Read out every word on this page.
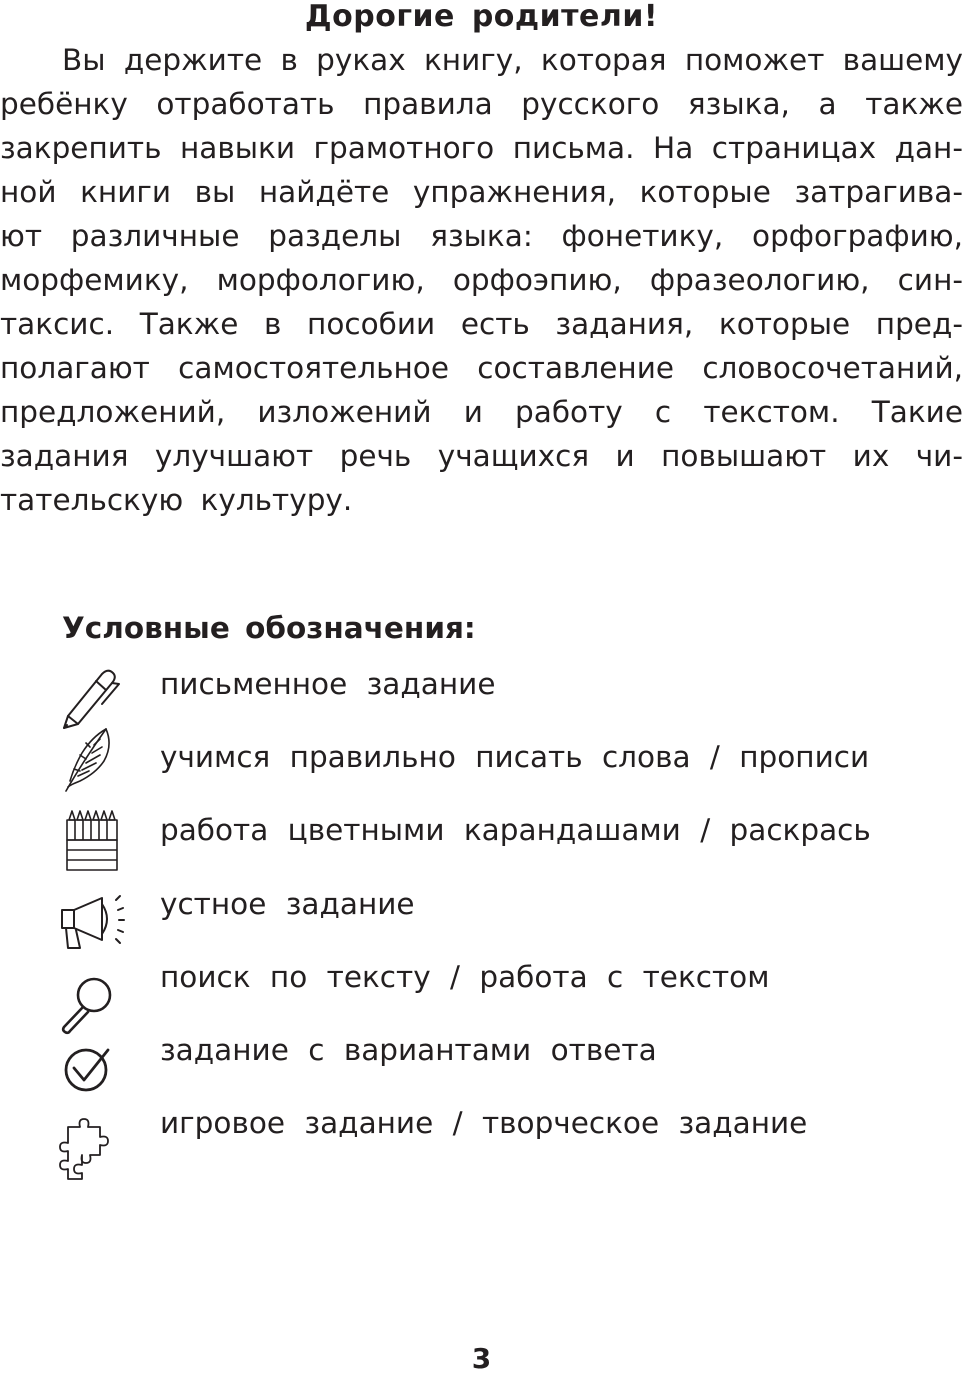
Дорогие родители!
Вы держите в руках книгу, которая поможет вашему
ребёнку отработать правила русского языка, а также
закрепить навыки грамотного письма. На страницах дан-
ной книги вы найдёте упражнения, которые затрагива-
ют различные разделы языка: фонетику, орфографию,
морфемику, морфологию, орфоэпию, фразеологию, син-
таксис. Также в пособии есть задания, которые пред-
полагают самостоятельное составление словосочетаний,
предложений, изложений и работу с текстом. Такие
задания улучшают речь учащихся и повышают их чи-
тательскую культуру.
Условные обозначения:
письменное задание
учимся правильно писать слова / прописи
работа цветными карандашами / раскрась
устное задание
поиск по тексту / работа с текстом
задание с вариантами ответа
игровое задание / творческое задание
3
